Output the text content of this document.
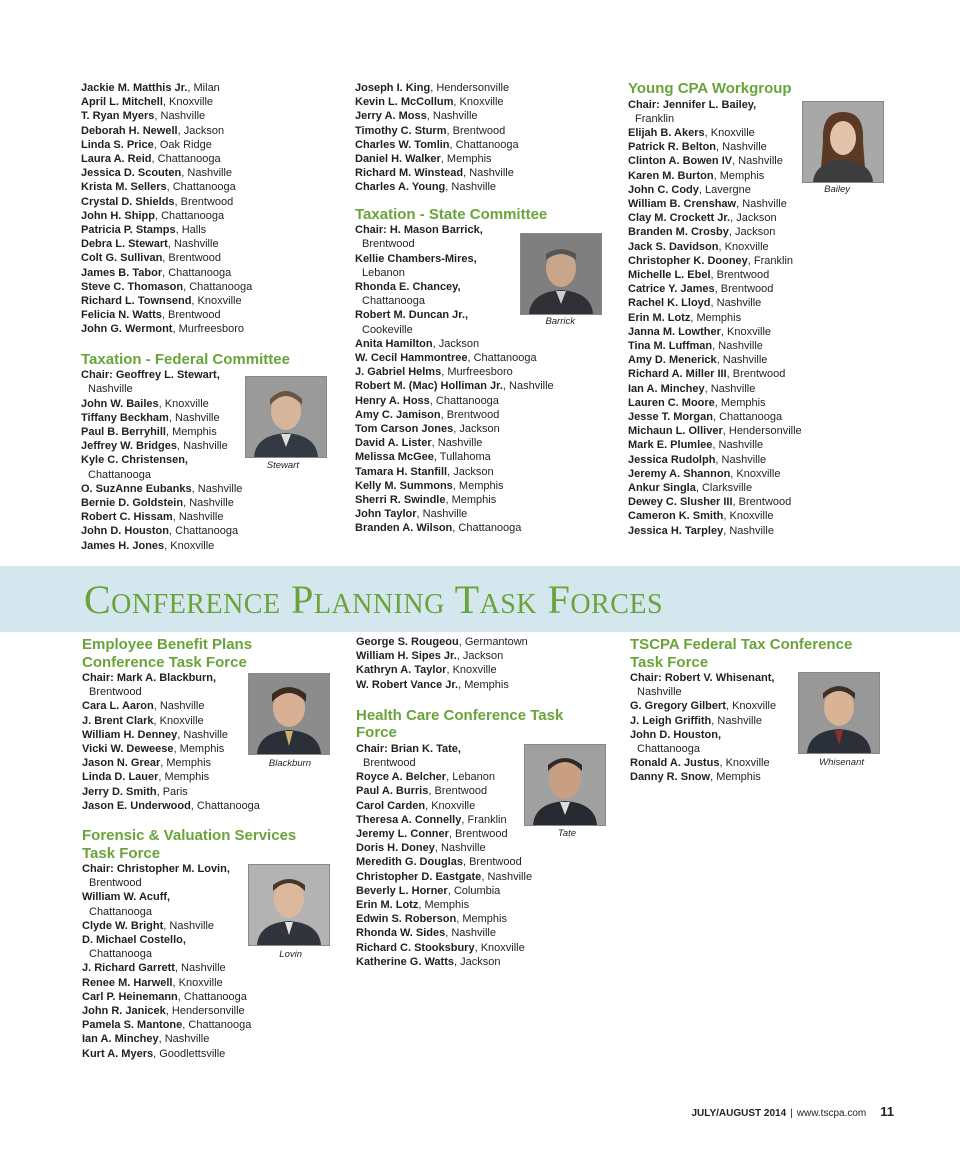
Jackie M. Matthis Jr., Milan
April L. Mitchell, Knoxville
T. Ryan Myers, Nashville
Deborah H. Newell, Jackson
Linda S. Price, Oak Ridge
Laura A. Reid, Chattanooga
Jessica D. Scouten, Nashville
Krista M. Sellers, Chattanooga
Crystal D. Shields, Brentwood
John H. Shipp, Chattanooga
Patricia P. Stamps, Halls
Debra L. Stewart, Nashville
Colt G. Sullivan, Brentwood
James B. Tabor, Chattanooga
Steve C. Thomason, Chattanooga
Richard L. Townsend, Knoxville
Felicia N. Watts, Brentwood
John G. Wermont, Murfreesboro
Taxation - Federal Committee
Chair: Geoffrey L. Stewart,
Nashville
John W. Bailes, Knoxville
Tiffany Beckham, Nashville
Paul B. Berryhill, Memphis
Jeffrey W. Bridges, Nashville
Kyle C. Christensen,
Chattanooga
O. SuzAnne Eubanks, Nashville
Bernie D. Goldstein, Nashville
Robert C. Hissam, Nashville
John D. Houston, Chattanooga
James H. Jones, Knoxville
Stewart
Joseph I. King, Hendersonville
Kevin L. McCollum, Knoxville
Jerry A. Moss, Nashville
Timothy C. Sturm, Brentwood
Charles W. Tomlin, Chattanooga
Daniel H. Walker, Memphis
Richard M. Winstead, Nashville
Charles A. Young, Nashville
Taxation - State Committee
Chair: H. Mason Barrick,
Brentwood
Kellie Chambers-Mires,
Lebanon
Rhonda E. Chancey,
Chattanooga
Robert M. Duncan Jr.,
Cookeville
Anita Hamilton, Jackson
W. Cecil Hammontree, Chattanooga
J. Gabriel Helms, Murfreesboro
Robert M. (Mac) Holliman Jr., Nashville
Henry A. Hoss, Chattanooga
Amy C. Jamison, Brentwood
Tom Carson Jones, Jackson
David A. Lister, Nashville
Melissa McGee, Tullahoma
Tamara H. Stanfill, Jackson
Kelly M. Summons, Memphis
Sherri R. Swindle, Memphis
John Taylor, Nashville
Branden A. Wilson, Chattanooga
Barrick
Young CPA Workgroup
Chair: Jennifer L. Bailey,
Franklin
Elijah B. Akers, Knoxville
Patrick R. Belton, Nashville
Clinton A. Bowen IV, Nashville
Karen M. Burton, Memphis
John C. Cody, Lavergne
William B. Crenshaw, Nashville
Clay M. Crockett Jr., Jackson
Branden M. Crosby, Jackson
Jack S. Davidson, Knoxville
Christopher K. Dooney, Franklin
Michelle L. Ebel, Brentwood
Catrice Y. James, Brentwood
Rachel K. Lloyd, Nashville
Erin M. Lotz, Memphis
Janna M. Lowther, Knoxville
Tina M. Luffman, Nashville
Amy D. Menerick, Nashville
Richard A. Miller III, Brentwood
Ian A. Minchey, Nashville
Lauren C. Moore, Memphis
Jesse T. Morgan, Chattanooga
Michaun L. Olliver, Hendersonville
Mark E. Plumlee, Nashville
Jessica Rudolph, Nashville
Jeremy A. Shannon, Knoxville
Ankur Singla, Clarksville
Dewey C. Slusher III, Brentwood
Cameron K. Smith, Knoxville
Jessica H. Tarpley, Nashville
Bailey
Conference Planning Task Forces
Employee Benefit Plans
Conference Task Force
Chair: Mark A. Blackburn,
Brentwood
Cara L. Aaron, Nashville
J. Brent Clark, Knoxville
William H. Denney, Nashville
Vicki W. Deweese, Memphis
Jason N. Grear, Memphis
Linda D. Lauer, Memphis
Jerry D. Smith, Paris
Jason E. Underwood, Chattanooga
Forensic & Valuation Services
Task Force
Chair: Christopher M. Lovin,
Brentwood
William W. Acuff,
Chattanooga
Clyde W. Bright, Nashville
D. Michael Costello,
Chattanooga
J. Richard Garrett, Nashville
Renee M. Harwell, Knoxville
Carl P. Heinemann, Chattanooga
John R. Janicek, Hendersonville
Pamela S. Mantone, Chattanooga
Ian A. Minchey, Nashville
Kurt A. Myers, Goodlettsville
Blackburn
Lovin
George S. Rougeou, Germantown
William H. Sipes Jr., Jackson
Kathryn A. Taylor, Knoxville
W. Robert Vance Jr., Memphis
Health Care Conference Task
Force
Chair: Brian K. Tate,
Brentwood
Royce A. Belcher, Lebanon
Paul A. Burris, Brentwood
Carol Carden, Knoxville
Theresa A. Connelly, Franklin
Jeremy L. Conner, Brentwood
Doris H. Doney, Nashville
Meredith G. Douglas, Brentwood
Christopher D. Eastgate, Nashville
Beverly L. Horner, Columbia
Erin M. Lotz, Memphis
Edwin S. Roberson, Memphis
Rhonda W. Sides, Nashville
Richard C. Stooksbury, Knoxville
Katherine G. Watts, Jackson
Tate
TSCPA Federal Tax Conference
Task Force
Chair: Robert V. Whisenant,
Nashville
G. Gregory Gilbert, Knoxville
J. Leigh Griffith, Nashville
John D. Houston,
Chattanooga
Ronald A. Justus, Knoxville
Danny R. Snow, Memphis
Whisenant
JULY/AUGUST 2014 | www.tscpa.com 11
